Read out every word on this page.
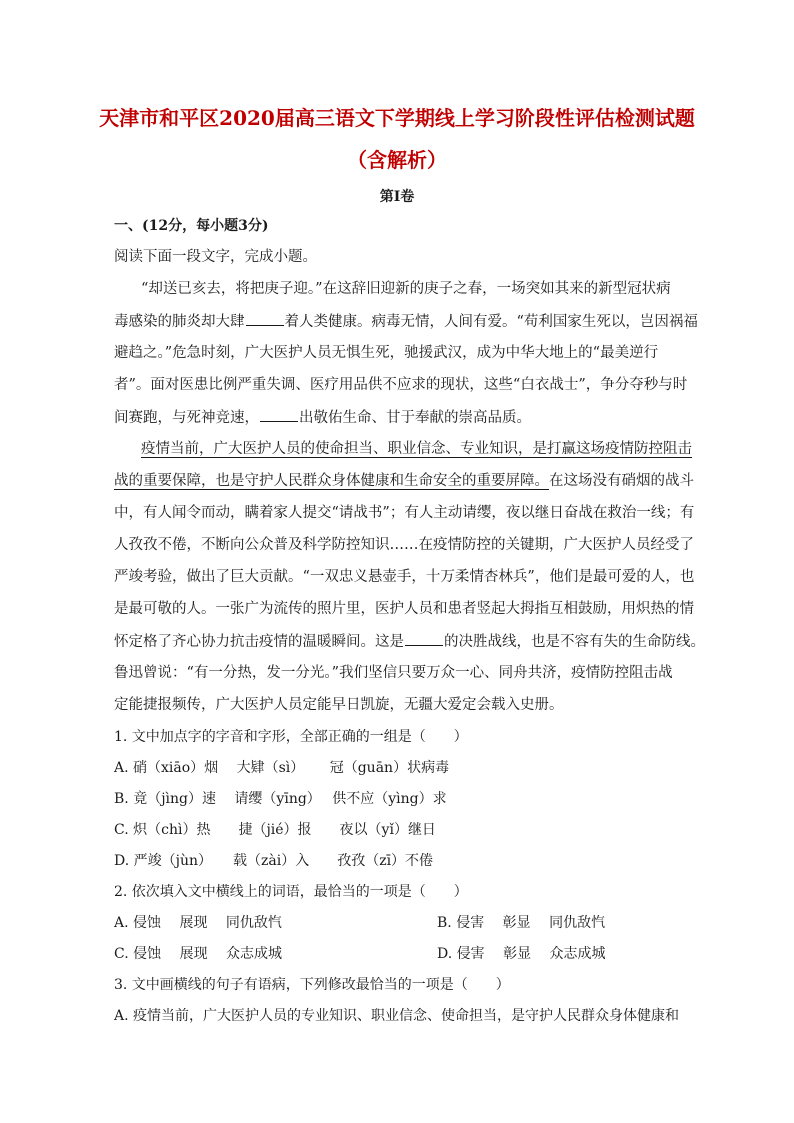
天津市和平区2020届高三语文下学期线上学习阶段性评估检测试题
（含解析）
第Ⅰ卷
一、(12分，每小题3分)
阅读下面一段文字，完成小题。
“却送已亥去，将把庚子迎。”在这辞旧迎新的庚子之春，一场突如其来的新型冠状病
毒感染的肺炎却大肆	着人类健康。病毒无情，人间有爱。“苟利国家生死以，岂因祸福
避趋之。”危急时刻，广大医护人员无惧生死，驰援武汉，成为中华大地上的“最美逆行
者”。面对医患比例严重失调、医疗用品供不应求的现状，这些“白衣战士”，争分夺秒与时
间赛跑，与死神竞速，	出敬佑生命、甘于奉献的崇高品质。
疫情当前，广大医护人员的使命担当、职业信念、专业知识，是打赢这场疫情防控阻击
战的重要保障，也是守护人民群众身体健康和生命安全的重要屏障。在这场没有硝烟的战斗
中，有人闻令而动，瞒着家人提交“请战书”；有人主动请缨，夜以继日奋战在救治一线；有
人孜孜不倦，不断向公众普及科学防控知识……在疫情防控的关键期，广大医护人员经受了
严竣考验，做出了巨大贡献。“一双忠义悬壶手，十万柔情杏林兵”，他们是最可爱的人，也
是最可敬的人。一张广为流传的照片里，医护人员和患者竖起大拇指互相鼓励，用炽热的情
怀定格了齐心协力抗击疫情的温暖瞬间。这是	的决胜战线，也是不容有失的生命防线。
鲁迅曾说：“有一分热，发一分光。”我们坚信只要万众一心、同舟共济，疫情防控阻击战
定能捷报频传，广大医护人员定能早日凯旋，无疆大爱定会载入史册。
1. 文中加点字的字音和字形，全部正确的一组是（　　）
A. 硝（xiāo）烟　 大肄（sì）　　 冠（guān）状病毒
B. 竟（jìng）速　 请缨（yīng）　 供不应（yìng）求
C. 炽（chì）热　　捷（jié）报　　夜以（yǐ）继日
D. 严竣（jùn）　　载（zài）入　　孜孜（zī）不倦
2. 依次填入文中横线上的词语，最恰当的一项是（　　）
A. 侵蚀　 展现　 同仇敌忾	B. 侵害　 彰显　 同仇敌忾
C. 侵蚀　 展现　 众志成城	D. 侵害　 彰显　 众志成城
3. 文中画横线的句子有语病，下列修改最恰当的一项是（　　）
A. 疫情当前，广大医护人员的专业知识、职业信念、使命担当，是守护人民群众身体健康和
